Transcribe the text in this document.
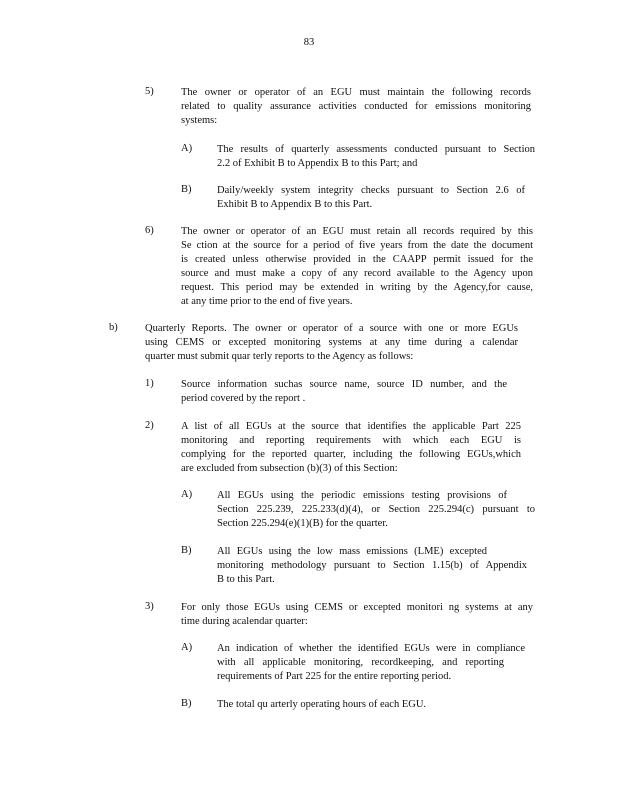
83
5)	The owner or operator of an EGU must maintain the following records
related to quality assurance activities conducted for emissions monitoring
systems:
A) The results of quarterly assessments conducted pursuant to Section
2.2 of Exhibit B to Appendix B to this Part; and
B) Daily/weekly system integrity checks pursuant to Section 2.6 of
Exhibit B to Appendix B to this Part.
6)	The owner or operator of an EGU must retain all records required by this
Se ction at the source for a period of five years from the date the document
is created unless otherwise provided in the CAAPP permit issued for the
source and must make a copy of any record available to the Agency upon
request. This period may be extended in writing by the Agency,for cause,
at any time prior to the end of five years.
b)	Quarterly Reports. The owner or operator of a source with one or more EGUs
using CEMS or excepted monitoring systems at any time during a calendar
quarter must submit quar terly reports to the Agency as follows:
1)	Source information suchas source name, source ID number, and the
period covered by the report .
2)	A list of all EGUs at the source that identifies the applicable Part 225
monitoring and reporting requirements with which each EGU is
complying for the reported quarter, including the following EGUs,which
are excluded from subsection (b)(3) of this Section:
A) All EGUs using the periodic emissions testing provisions of
Section 225.239, 225.233(d)(4), or Section 225.294(c) pursuant to
Section 225.294(e)(1)(B) for the quarter.
B) All EGUs using the low mass emissions (LME) excepted
monitoring methodology pursuant to Section 1.15(b) of Appendix
B to this Part.
3)	For only those EGUs using CEMS or excepted monitori ng systems at any
time during acalendar quarter:
A) An indication of whether the identified EGUs were in compliance
with all applicable monitoring, recordkeeping, and reporting
requirements of Part 225 for the entire reporting period.
B) The total qu arterly operating hours of each EGU.
